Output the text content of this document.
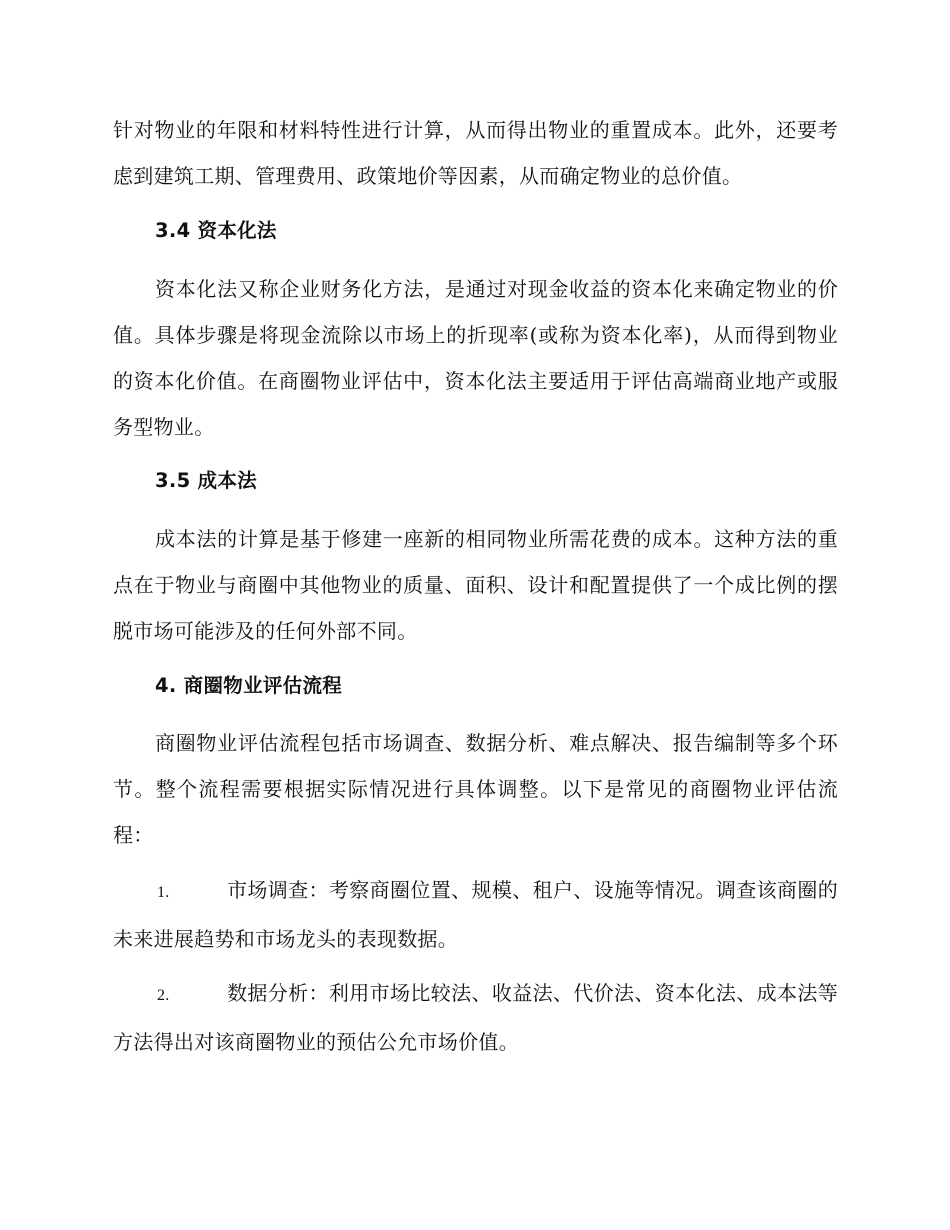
针对物业的年限和材料特性进行计算，从而得出物业的重置成本。此外，还要考虑到建筑工期、管理费用、政策地价等因素，从而确定物业的总价值。

3.4 资本化法

资本化法又称企业财务化方法，是通过对现金收益的资本化来确定物业的价值。具体步骤是将现金流除以市场上的折现率(或称为资本化率)，从而得到物业的资本化价值。在商圈物业评估中，资本化法主要适用于评估高端商业地产或服务型物业。

3.5 成本法

成本法的计算是基于修建一座新的相同物业所需花费的成本。这种方法的重点在于物业与商圈中其他物业的质量、面积、设计和配置提供了一个成比例的摆脱市场可能涉及的任何外部不同。

4. 商圈物业评估流程

商圈物业评估流程包括市场调查、数据分析、难点解决、报告编制等多个环节。整个流程需要根据实际情况进行具体调整。以下是常见的商圈物业评估流程：

1.	市场调查：考察商圈位置、规模、租户、设施等情况。调查该商圈的未来进展趋势和市场龙头的表现数据。

2.	数据分析：利用市场比较法、收益法、代价法、资本化法、成本法等方法得出对该商圈物业的预估公允市场价值。
